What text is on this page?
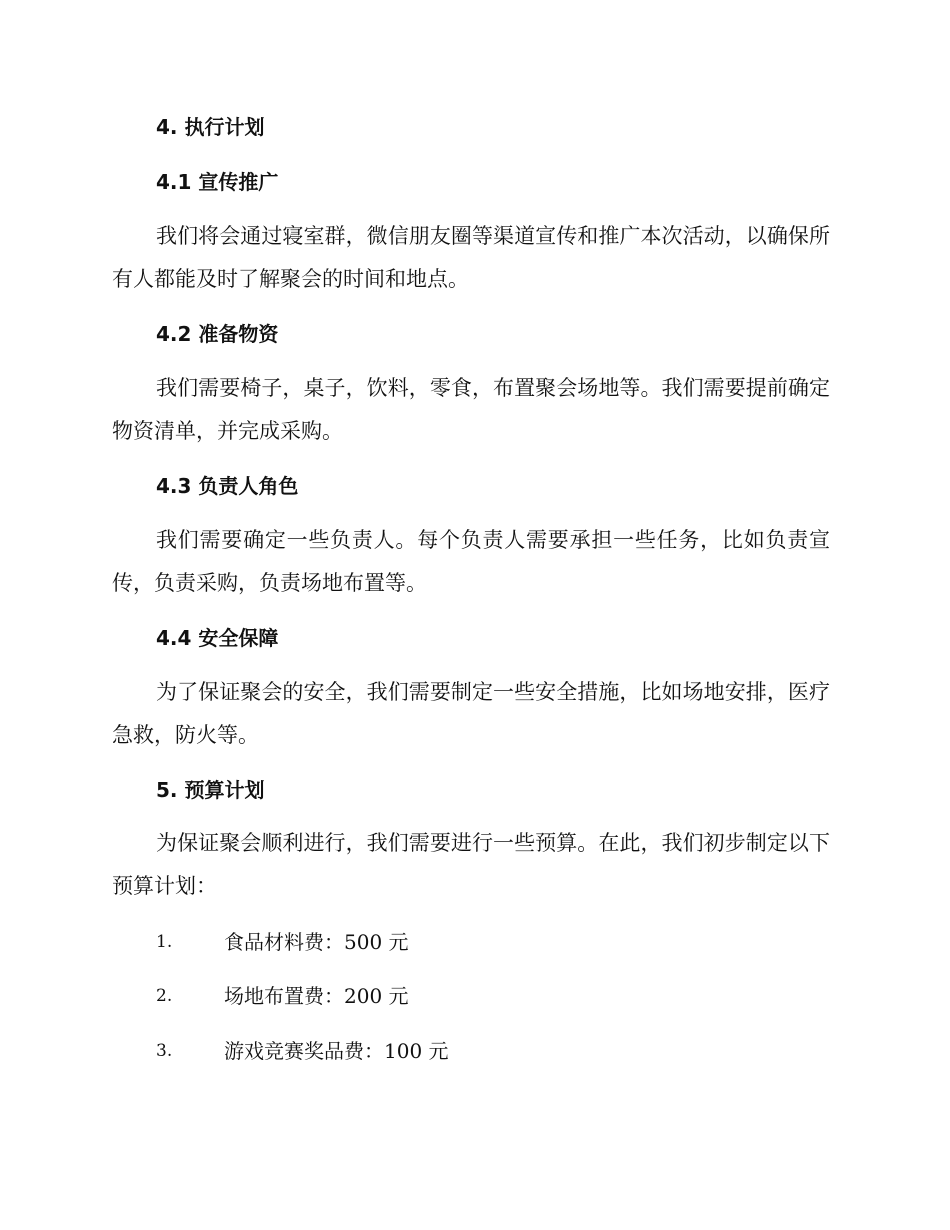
4. 执行计划
4.1 宣传推广

我们将会通过寝室群，微信朋友圈等渠道宣传和推广本次活动，以确保所有人都能及时了解聚会的时间和地点。

4.2 准备物资

我们需要椅子，桌子，饮料，零食，布置聚会场地等。我们需要提前确定物资清单，并完成采购。

4.3 负责人角色

我们需要确定一些负责人。每个负责人需要承担一些任务，比如负责宣传，负责采购，负责场地布置等。

4.4 安全保障

为了保证聚会的安全，我们需要制定一些安全措施，比如场地安排，医疗急救，防火等。

5. 预算计划

为保证聚会顺利进行，我们需要进行一些预算。在此，我们初步制定以下预算计划：

1.	食品材料费：500 元
2.	场地布置费：200 元
3.	游戏竞赛奖品费：100 元
